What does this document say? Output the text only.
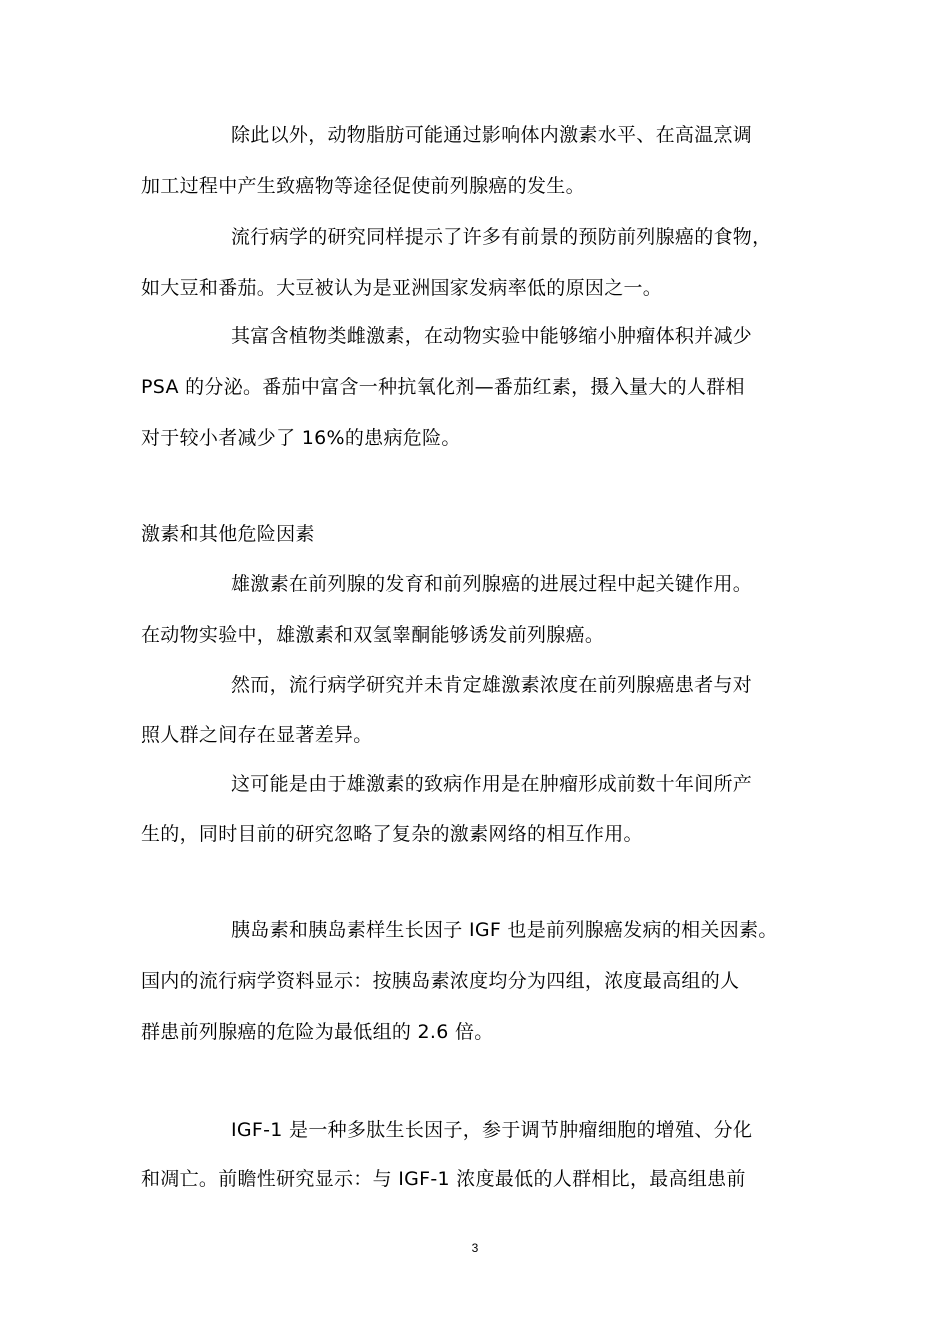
除此以外，动物脂肪可能通过影响体内激素水平、在高温烹调
加工过程中产生致癌物等途径促使前列腺癌的发生。
流行病学的研究同样提示了许多有前景的预防前列腺癌的食物，
如大豆和番茄。大豆被认为是亚洲国家发病率低的原因之一。
其富含植物类雌激素，在动物实验中能够缩小肿瘤体积并减少
PSA 的分泌。番茄中富含一种抗氧化剂—番茄红素，摄入量大的人群相
对于较小者减少了 16%的患病危险。
激素和其他危险因素
雄激素在前列腺的发育和前列腺癌的进展过程中起关键作用。
在动物实验中，雄激素和双氢睾酮能够诱发前列腺癌。
然而，流行病学研究并未肯定雄激素浓度在前列腺癌患者与对
照人群之间存在显著差异。
这可能是由于雄激素的致病作用是在肿瘤形成前数十年间所产
生的，同时目前的研究忽略了复杂的激素网络的相互作用。
胰岛素和胰岛素样生长因子 IGF 也是前列腺癌发病的相关因素。
国内的流行病学资料显示：按胰岛素浓度均分为四组，浓度最高组的人
群患前列腺癌的危险为最低组的 2.6 倍。
IGF-1 是一种多肽生长因子，参于调节肿瘤细胞的增殖、分化
和凋亡。前瞻性研究显示：与 IGF-1 浓度最低的人群相比，最高组患前
3
